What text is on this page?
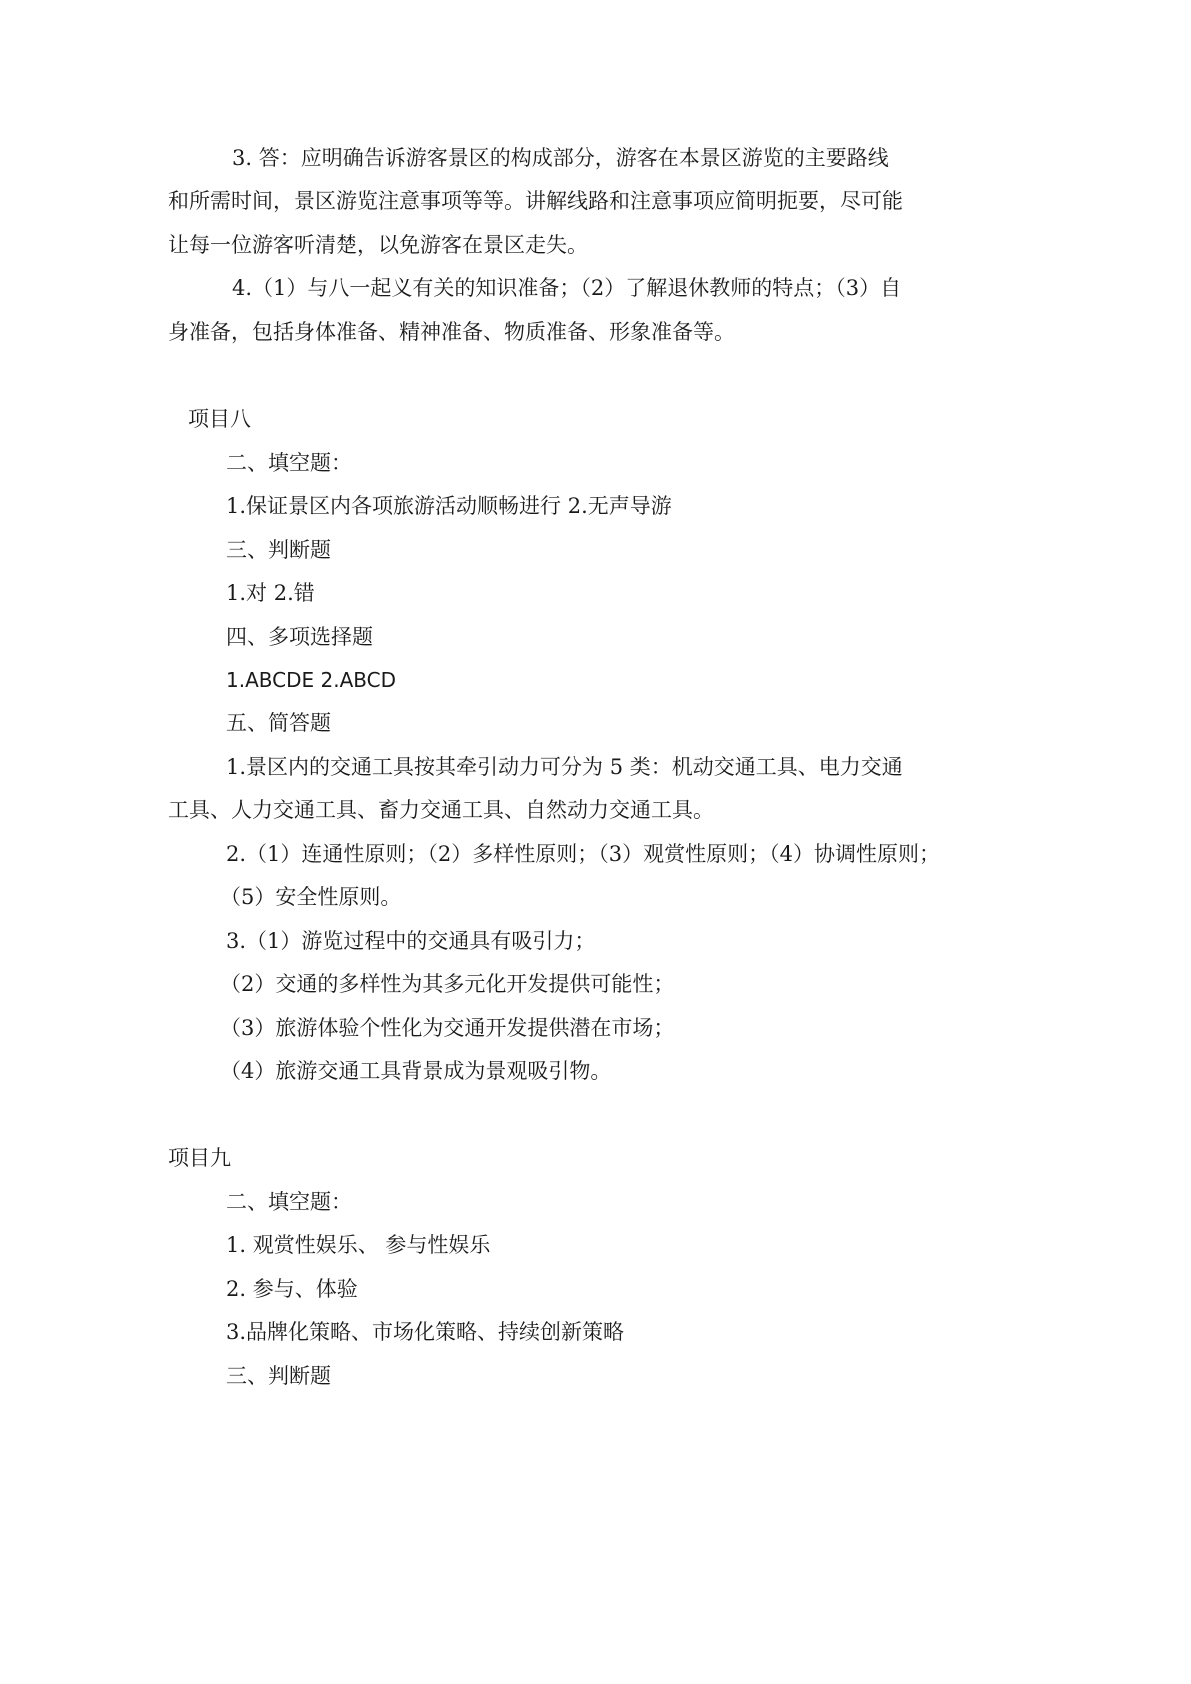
3. 答：应明确告诉游客景区的构成部分，游客在本景区游览的主要路线
和所需时间，景区游览注意事项等等。讲解线路和注意事项应简明扼要，尽可能
让每一位游客听清楚，以免游客在景区走失。
4.（1）与八一起义有关的知识准备；（2）了解退休教师的特点；（3）自
身准备，包括身体准备、精神准备、物质准备、形象准备等。
项目八
二、填空题：
1.保证景区内各项旅游活动顺畅进行 2.无声导游
三、判断题
1.对 2.错
四、多项选择题
1.ABCDE 2.ABCD
五、简答题
1.景区内的交通工具按其牵引动力可分为 5 类：机动交通工具、电力交通
工具、人力交通工具、畜力交通工具、自然动力交通工具。
2.（1）连通性原则；（2）多样性原则；（3）观赏性原则；（4）协调性原则；
（5）安全性原则。
3.（1）游览过程中的交通具有吸引力；
（2）交通的多样性为其多元化开发提供可能性；
（3）旅游体验个性化为交通开发提供潜在市场；
（4）旅游交通工具背景成为景观吸引物。
项目九
二、填空题：
1. 观赏性娱乐、 参与性娱乐
2. 参与、体验
3.品牌化策略、市场化策略、持续创新策略
三、判断题
